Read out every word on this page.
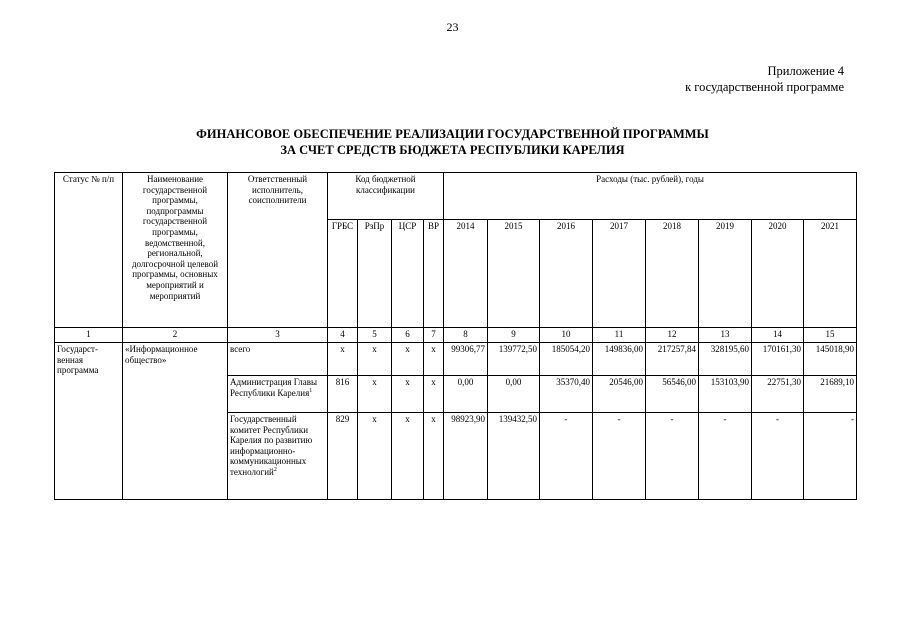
23
Приложение 4
к государственной программе
ФИНАНСОВОЕ ОБЕСПЕЧЕНИЕ РЕАЛИЗАЦИИ ГОСУДАРСТВЕННОЙ ПРОГРАММЫ
ЗА СЧЕТ СРЕДСТВ БЮДЖЕТА РЕСПУБЛИКИ КАРЕЛИЯ
Статус № п/п	Наименование государственной программы, подпрограммы государственной программы, ведомственной, региональной, долгосрочной целевой программы, основных мероприятий и мероприятий	Ответственный исполнитель, соисполнители	Код бюджетной классификации				Расходы (тыс. рублей), годы							
			ГРБС	РзПр	ЦСР	ВР	2014	2015	2016	2017	2018	2019	2020	2021
1	2	3	4	5	6	7	8	9	10	11	12	13	14	15
Государст-венная программа	«Информационное общество»	всего	х	х	х	х	99306,77	139772,50	185054,20	149836,00	217257,84	328195,60	170161,30	145018,90
		Администрация Главы Республики Карелия$^1$	816	х	х	х	0,00	0,00	35370,40	20546,00	56546,00	153103,90	22751,30	21689,10
		Государственный комитет Республики Карелия по развитию информационно-коммуникационных технологий$^2$	829	х	х	х	98923,90	139432,50	-	-	-	-	-	-
